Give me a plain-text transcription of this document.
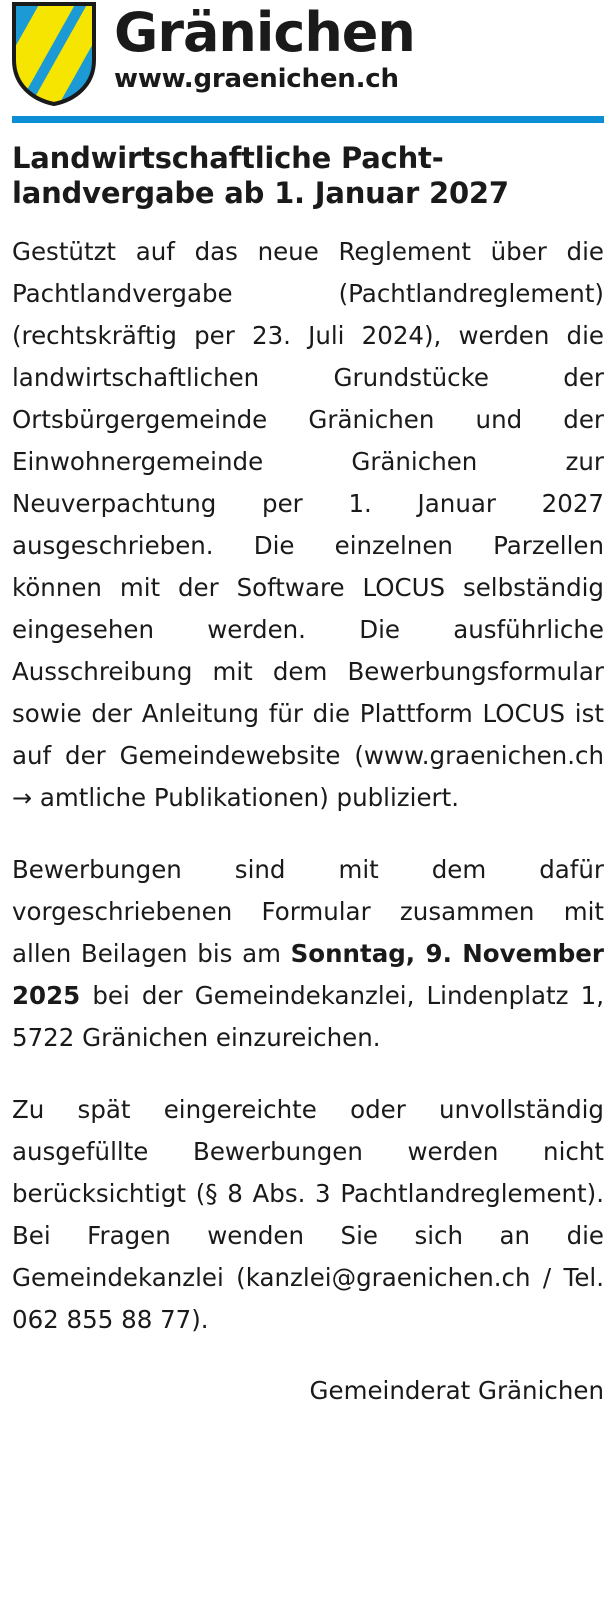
Gränichen
www.graenichen.ch
Landwirtschaftliche Pacht-
landvergabe ab 1. Januar 2027

Gestützt auf das neue Reglement über die Pachtlandvergabe (Pachtlandreglement) (rechtskräftig per 23. Juli 2024), werden die landwirtschaftlichen Grundstücke der Ortsbürgergemeinde Gränichen und der Einwohnergemeinde Gränichen zur Neuverpachtung per 1. Januar 2027 ausgeschrieben. Die einzelnen Parzellen können mit der Software LOCUS selbständig eingesehen werden. Die ausführliche Ausschreibung mit dem Bewerbungsformular sowie der Anleitung für die Plattform LOCUS ist auf der Gemeindewebsite (www.graenichen.ch → amtliche Publikationen) publiziert.

Bewerbungen sind mit dem dafür vorgeschriebenen Formular zusammen mit allen Beilagen bis am Sonntag, 9. November 2025 bei der Gemeindekanzlei, Lindenplatz 1, 5722 Gränichen einzureichen.

Zu spät eingereichte oder unvollständig ausgefüllte Bewerbungen werden nicht berücksichtigt (§ 8 Abs. 3 Pachtlandreglement). Bei Fragen wenden Sie sich an die Gemeindekanzlei (kanzlei@graenichen.ch / Tel. 062 855 88 77).

Gemeinderat Gränichen
